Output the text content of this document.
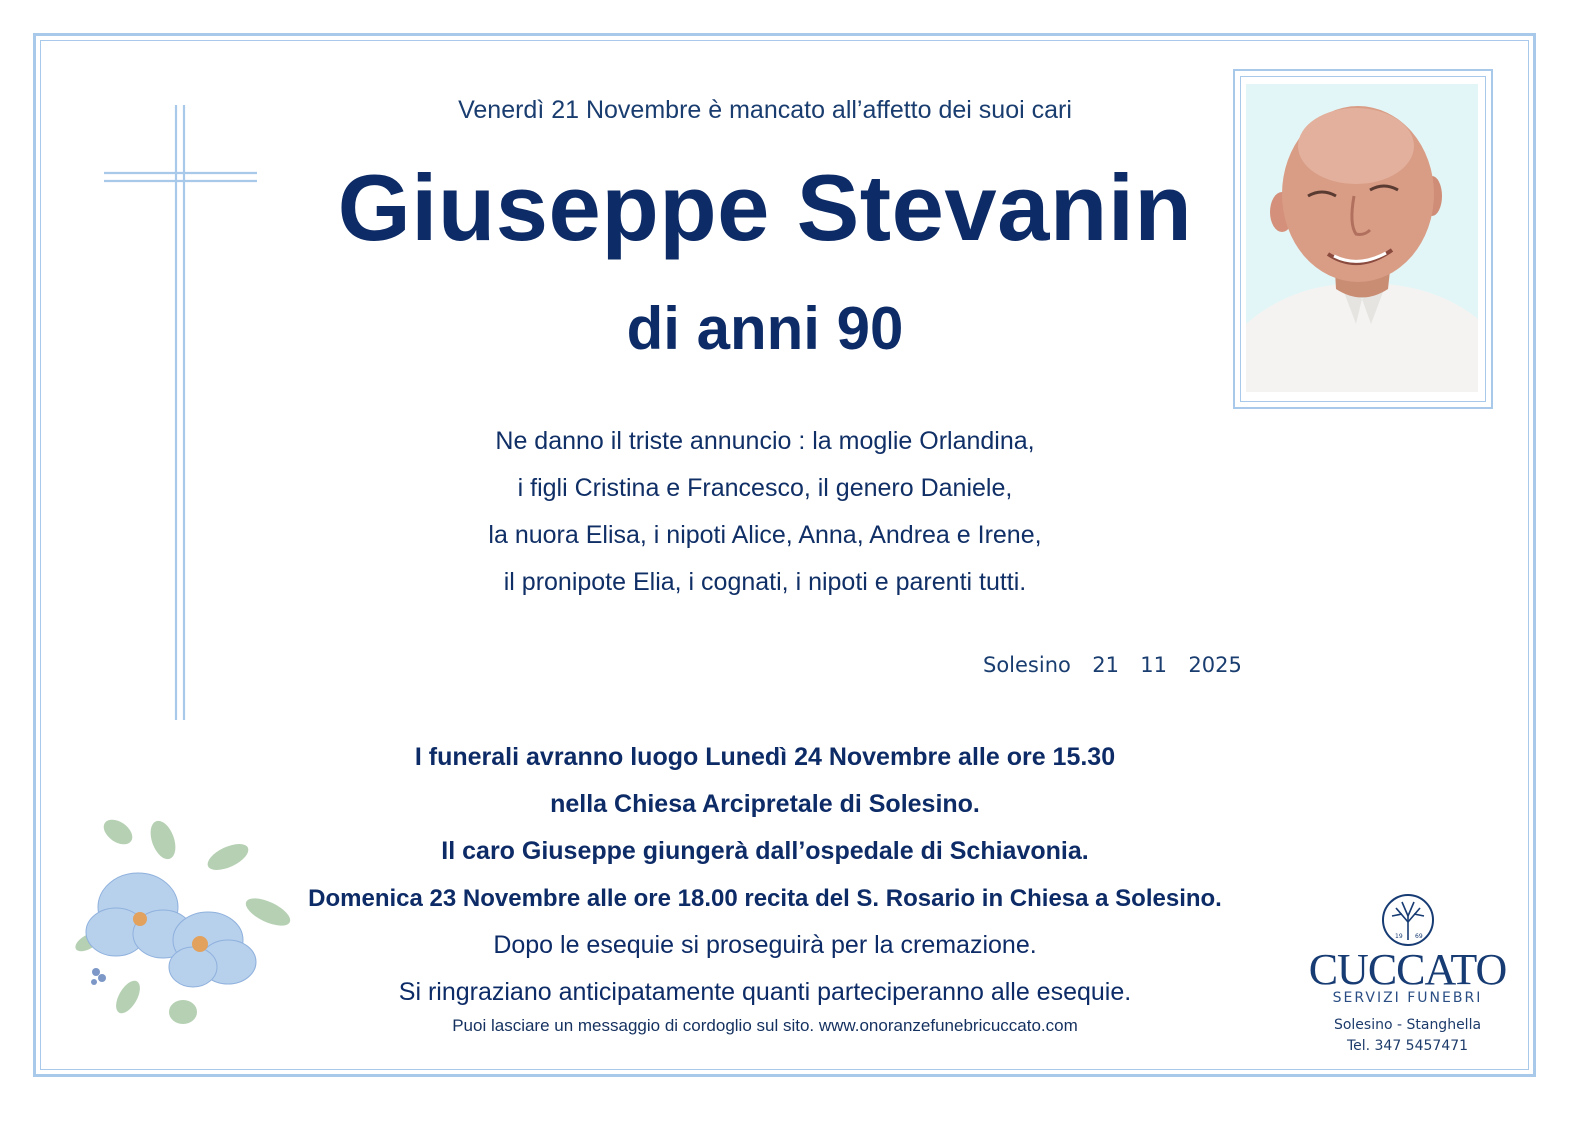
Venerdì 21 Novembre è mancato all’affetto dei suoi cari
Giuseppe Stevanin
di anni 90
Ne danno il triste annuncio : la moglie Orlandina,
i figli Cristina e Francesco, il genero Daniele,
la nuora Elisa, i nipoti Alice, Anna, Andrea e Irene,
il pronipote Elia, i cognati, i nipoti e parenti tutti.
Solesino  21  11  2025
I funerali avranno luogo Lunedì 24 Novembre alle ore 15.30
nella Chiesa Arcipretale di Solesino.
Il caro Giuseppe giungerà dall’ospedale di Schiavonia.
Domenica 23 Novembre alle ore 18.00 recita del S. Rosario in Chiesa a Solesino.
Dopo le esequie si proseguirà per la cremazione.
Si ringraziano anticipatamente quanti parteciperanno alle esequie.
Puoi lasciare un messaggio di cordoglio sul sito. www.onoranzefunebricuccato.com
19 69
CUCCATO
SERVIZI FUNEBRI
Solesino - Stanghella
Tel. 347 5457471
